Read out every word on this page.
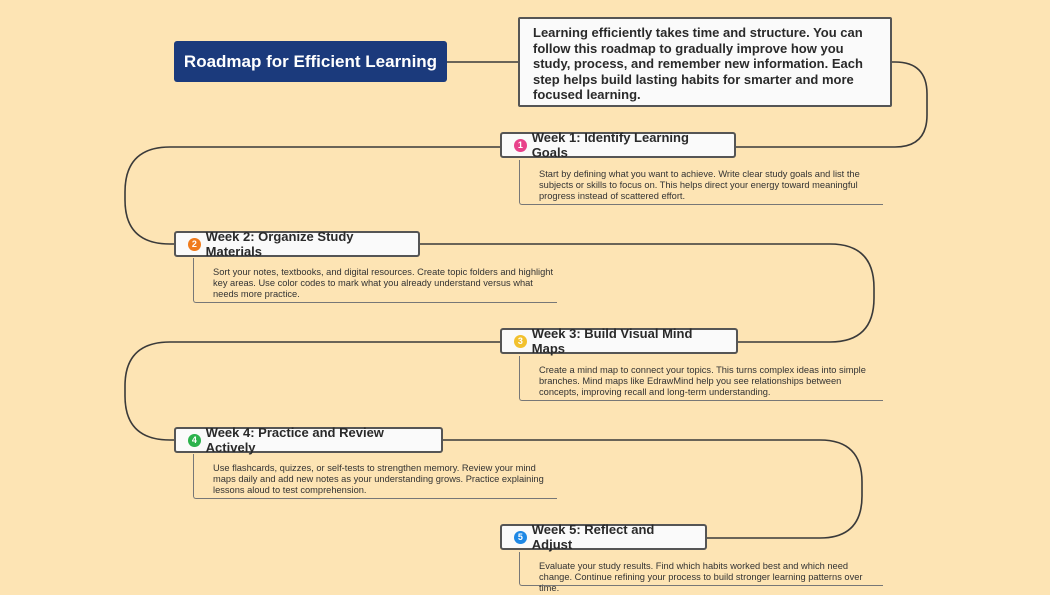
Roadmap for Efficient Learning
Learning efficiently takes time and structure. You can follow this roadmap to gradually improve how you study, process, and remember new information. Each step helps build lasting habits for smarter and more focused learning.
1 Week 1: Identify Learning Goals
Start by defining what you want to achieve. Write clear study goals and list the subjects or skills to focus on. This helps direct your energy toward meaningful progress instead of scattered effort.
2 Week 2: Organize Study Materials
Sort your notes, textbooks, and digital resources. Create topic folders and highlight key areas. Use color codes to mark what you already understand versus what needs more practice.
3 Week 3: Build Visual Mind Maps
Create a mind map to connect your topics. This turns complex ideas into simple branches. Mind maps like EdrawMind help you see relationships between concepts, improving recall and long-term understanding.
4 Week 4: Practice and Review Actively
Use flashcards, quizzes, or self-tests to strengthen memory. Review your mind maps daily and add new notes as your understanding grows. Practice explaining lessons aloud to test comprehension.
5 Week 5: Reflect and Adjust
Evaluate your study results. Find which habits worked best and which need change. Continue refining your process to build stronger learning patterns over time.
